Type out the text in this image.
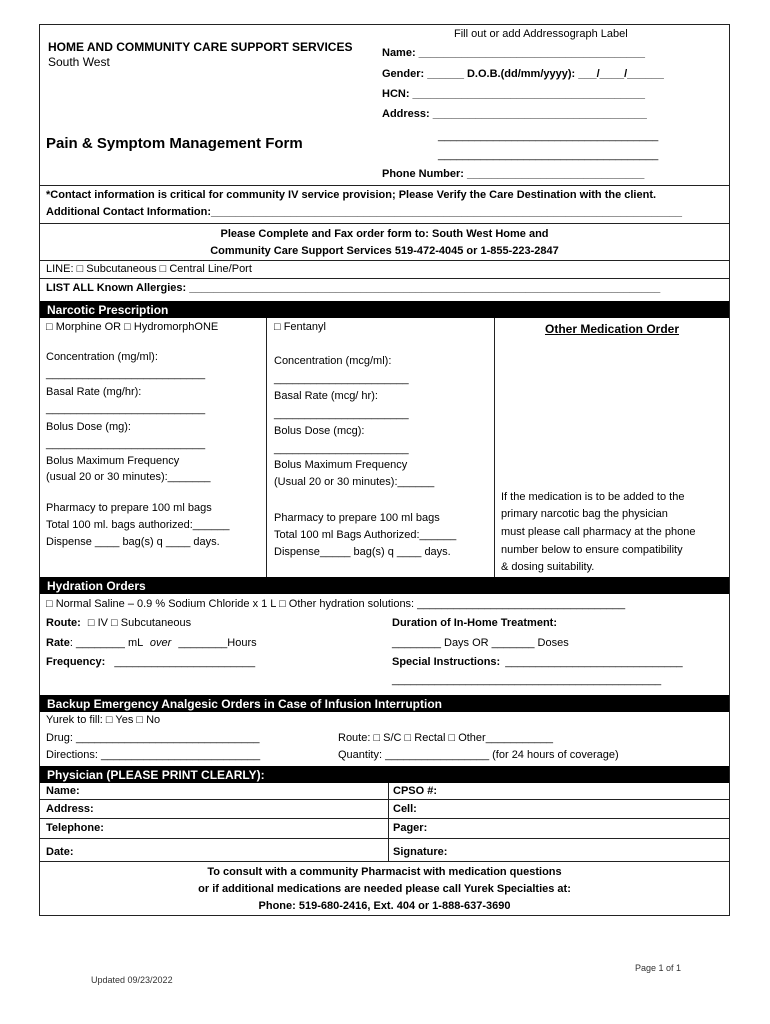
Fill out or add Addressograph Label
HOME AND COMMUNITY CARE SUPPORT SERVICES
South West
Pain & Symptom Management Form
Name: _____________________________________
Gender: ______ D.O.B.(dd/mm/yyyy): ___/____/______
HCN: ______________________________________
Address: ___________________________________
____________________________________
____________________________________
Phone Number: _____________________________
*Contact information is critical for community IV service provision; Please Verify the Care Destination with the client.
Additional Contact Information:_____________________________________________________________________________
Please Complete and Fax order form to: South West Home and
Community Care Support Services 519-472-4045 or 1-855-223-2847
LINE: □ Subcutaneous □ Central Line/Port
LIST ALL Known Allergies: _____________________________________________________________________________
Narcotic Prescription
□ Morphine OR □ HydromorphONE
Concentration (mg/ml):
__________________________
Basal Rate (mg/hr):
__________________________
Bolus Dose (mg):
__________________________
Bolus Maximum Frequency
(usual 20 or 30 minutes):_______
Pharmacy to prepare 100 ml bags
Total 100 ml. bags authorized:______
Dispense ____ bag(s) q ____ days.
□ Fentanyl
Concentration (mcg/ml):
______________________
Basal Rate (mcg/ hr):
______________________
Bolus Dose (mcg):
______________________
Bolus Maximum Frequency
(Usual 20 or 30 minutes):______
Pharmacy to prepare 100 ml bags
Total 100 ml Bags Authorized:______
Dispense_____ bag(s) q ____ days.
Other Medication Order
If the medication is to be added to the
primary narcotic bag the physician
must please call pharmacy at the phone
number below to ensure compatibility
& dosing suitability.
Hydration Orders
□ Normal Saline – 0.9 % Sodium Chloride x 1 L □ Other hydration solutions: __________________________________
Route: □ IV □ Subcutaneous	Duration of In-Home Treatment:
Rate: ________ mL over ________Hours	________ Days OR _______ Doses
Frequency: _______________________	Special Instructions: _____________________________
____________________________________________
Backup Emergency Analgesic Orders in Case of Infusion Interruption
Yurek to fill: □ Yes □ No
Drug: ______________________________	Route: □ S/C □ Rectal □ Other___________
Directions: __________________________	Quantity: _________________ (for 24 hours of coverage)
Physician (PLEASE PRINT CLEARLY):
Name:	CPSO #:
Address:	Cell:
Telephone:	Pager:
Date:	Signature:
To consult with a community Pharmacist with medication questions
or if additional medications are needed please call Yurek Specialties at:
Phone: 519-680-2416, Ext. 404 or 1-888-637-3690
Updated 09/23/2022
Page 1 of 1
